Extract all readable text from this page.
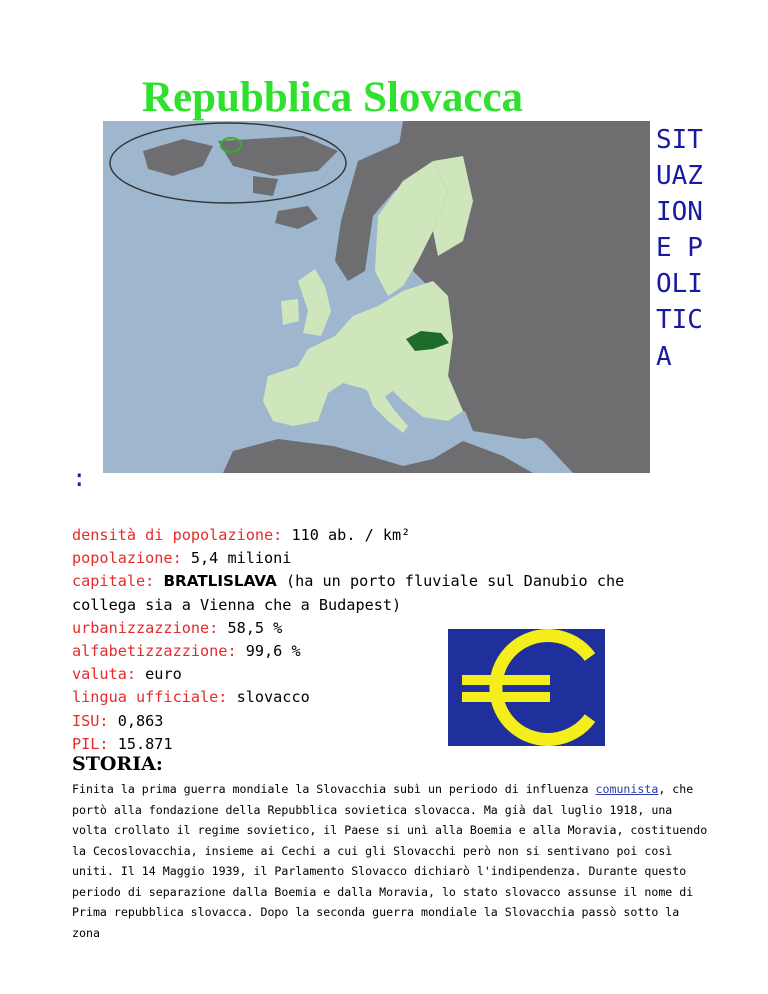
Repubblica Slovacca
SITUAZIONE POLITICA
:
densità di popolazione: 110 ab. / km²
popolazione: 5,4 milioni
capitale: BRATLISLAVA (ha un porto fluviale sul Danubio che collega sia a Vienna che a Budapest)
urbanizzazzione: 58,5 %
alfabetizzazzione: 99,6 %
valuta: euro
lingua ufficiale: slovacco
ISU: 0,863
PIL: 15.871
STORIA:

Finita la prima guerra mondiale la Slovacchia subì un periodo di influenza comunista, che portò alla fondazione della Repubblica sovietica slovacca. Ma già dal luglio 1918, una volta crollato il regime sovietico, il Paese si unì alla Boemia e alla Moravia, costituendo la Cecoslovacchia, insieme ai Cechi a cui gli Slovacchi però non si sentivano poi così uniti. Il 14 Maggio 1939, il Parlamento Slovacco dichiarò l'indipendenza. Durante questo periodo di separazione dalla Boemia e dalla Moravia, lo stato slovacco assunse il nome di Prima repubblica slovacca. Dopo la seconda guerra mondiale la Slovacchia passò sotto la zona
